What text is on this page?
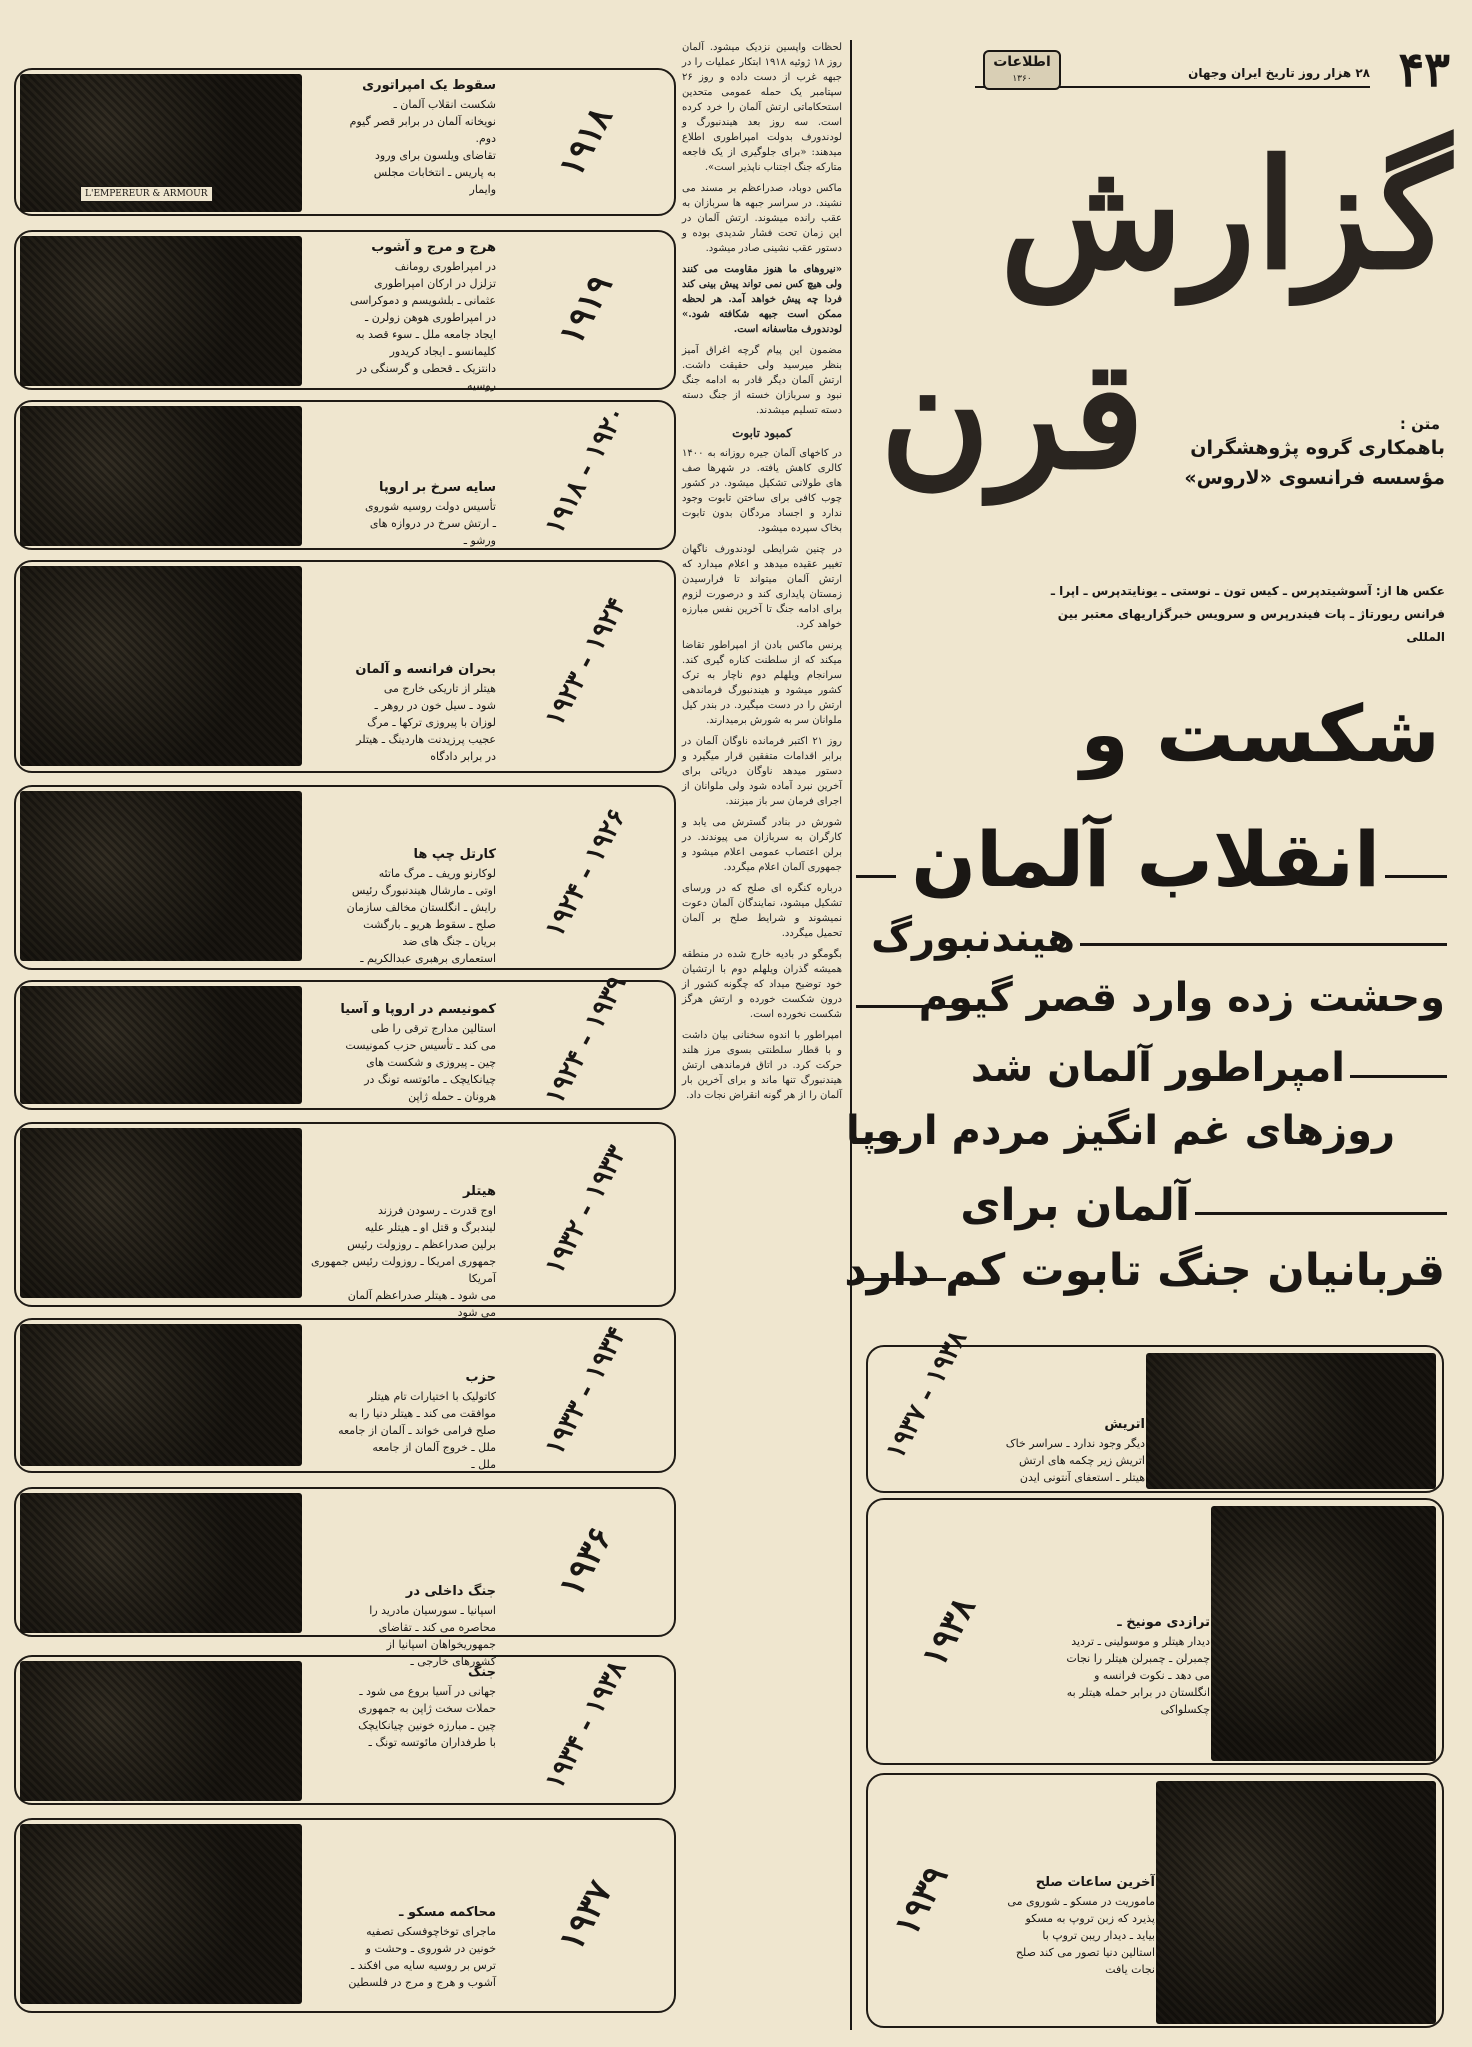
اطلاعات
۱۳۶۰	۲۸ هزار روز تاریخ ایران وجهان ۴۳
گزارش
قرن	متن :
باهمکاری گروه پژوهشگران
مؤسسه فرانسوی «لاروس»
عکس ها از: آسوشیتدپرس ـ کیس تون ـ نوستی ـ یونایتدپرس ـ اپرا ـ فرانس ریورتاژ ـ پات فیندرپرس و سرویس خبرگزاریهای معتبر بین المللی
شکست و
انقلاب آلمان
هیندنبورگ
وحشت زده وارد قصر گیوم
امپراطور آلمان شد
روزهای غم انگیز مردم اروپا
آلمان برای
قربانیان جنگ تابوت کم دارد
لحظات واپسین نزدیک میشود. آلمان روز ۱۸ ژوئیه ۱۹۱۸ ابتکار عملیات را در جبهه غرب از دست داده و روز ۲۶ سپتامبر یک حمله عمومی متحدین استحکاماتی ارتش آلمان را خرد کرده است. سه روز بعد هیندنبورگ و لودندورف بدولت امپراطوری اطلاع میدهند: «برای جلوگیری از یک فاجعه متارکه جنگ اجتناب ناپذیر است».
ماکس دوباد، صدراعظم بر مسند می نشیند. در سراسر جبهه ها سربازان به عقب رانده میشوند. ارتش آلمان در این زمان تحت فشار شدیدی بوده و دستور عقب نشینی صادر میشود.
«نیروهای ما هنوز مقاومت می کنند ولی هیچ کس نمی تواند پیش بینی کند فردا چه پیش خواهد آمد. هر لحظه ممکن است جبهه شکافته شود.» لودندورف متاسفانه است.
مضمون این پیام گرچه اغراق آمیز بنظر میرسید ولی حقیقت داشت. ارتش آلمان دیگر قادر به ادامه جنگ نبود و سربازان خسته از جنگ دسته دسته تسلیم میشدند.
کمبود تابوت
در کاخهای آلمان جیره روزانه به ۱۴۰۰ کالری کاهش یافته. در شهرها صف های طولانی تشکیل میشود. در کشور چوب کافی برای ساختن تابوت وجود ندارد و اجساد مردگان بدون تابوت بخاک سپرده میشود.
در چنین شرایطی لودندورف ناگهان تغییر عقیده میدهد و اعلام میدارد که ارتش آلمان میتواند تا فرارسیدن زمستان پایداری کند و درصورت لزوم برای ادامه جنگ تا آخرین نفس مبارزه خواهد کرد.
پرنس ماکس بادن از امپراطور تقاضا میکند که از سلطنت کناره گیری کند. سرانجام ویلهلم دوم ناچار به ترک کشور میشود و هیندنبورگ فرماندهی ارتش را در دست میگیرد. در بندر کیل ملوانان سر به شورش برمیدارند.
روز ۲۱ اکتبر فرمانده ناوگان آلمان در برابر اقدامات متفقین قرار میگیرد و دستور میدهد ناوگان دریائی برای آخرین نبرد آماده شود ولی ملوانان از اجرای فرمان سر باز میزنند.
شورش در بنادر گسترش می یابد و کارگران به سربازان می پیوندند. در برلن اعتصاب عمومی اعلام میشود و جمهوری آلمان اعلام میگردد.
درباره کنگره ای صلح که در ورسای تشکیل میشود، نمایندگان آلمان دعوت نمیشوند و شرایط صلح بر آلمان تحمیل میگردد.
بگومگو در بادیه خارج شده در منطقه همیشه گذران ویلهلم دوم با ارتشیان خود توضیح میداد که چگونه کشور از درون شکست خورده و ارتش هرگز شکست نخورده است.
امپراطور با اندوه سخنانی بیان داشت و با قطار سلطنتی بسوی مرز هلند حرکت کرد. در اتاق فرماندهی ارتش هیندنبورگ تنها ماند و برای آخرین بار آلمان را از هر گونه انقراض نجات داد.
L'EMPEREUR & ARMOUR
سقوط یک امپراتوری
شکست انقلاب آلمان ـ
نویخانه آلمان در برابر قصر گیوم
دوم.
تقاضای ویلسون برای ورود
به پاریس ـ انتخابات مجلس
وایمار
۱۹۱۸
هرج و مرج و آشوب
در امپراطوری رومانف
تزلزل در ارکان امپراطوری
عثمانی ـ بلشویسم و دموکراسی
در امپراطوری هوهن زولرن ـ
ایجاد جامعه ملل ـ سوء قصد به
کلیمانسو ـ ایجاد کریدور
دانتزیک ـ قحطی و گرسنگی در
روسیه
۱۹۱۹
سایه سرخ بر اروپا
تأسیس دولت روسیه شوروی
ـ ارتش سرخ در دروازه های
ورشو ـ
۱۹۱۸ - ۱۹۲۰
بحران فرانسه و آلمان
هیتلر از تاریکی خارج می
شود ـ سیل خون در روهر ـ
لوزان با پیروزی ترکها ـ مرگ
عجیب پرزیدنت هاردینگ ـ هیتلر
در برابر دادگاه
۱۹۲۳ - ۱۹۲۴
کارتل چپ ها
لوکارنو وریف ـ مرگ ماتئه
اوتی ـ مارشال هیندنبورگ رئیس
رایش ـ انگلستان مخالف سازمان
صلح ـ سقوط هریو ـ بارگشت
بریان ـ جنگ های ضد
استعماری برهبری عبدالکریم ـ
۱۹۲۴ - ۱۹۲۶
کمونیسم در اروپا و آسیا
استالین مدارج ترقی را طی
می کند ـ تأسیس حزب کمونیست
چین ـ پیروزی و شکست های
چیانکایچک ـ مائوتسه تونگ در
هرونان ـ حمله ژاپن	۱۹۲۴ - ۱۹۳۹
هیتلر
اوج قدرت ـ رسودن فرزند
لیندبرگ و قتل او ـ هیتلر علیه
برلین صدراعظم ـ روزولت رئیس
جمهوری امریکا ـ روزولت رئیس جمهوری آمریکا
می شود ـ هیتلر صدراعظم آلمان
می شود
۱۹۳۲ - ۱۹۳۳
حزب
کاتولیک با اختیارات تام هیتلر
موافقت می کند ـ هیتلر دنیا را به
صلح فرامی خواند ـ آلمان از جامعه
ملل ـ خروج آلمان از جامعه
ملل ـ
۱۹۳۳ - ۱۹۳۴
جنگ داخلی در
اسپانیا ـ سورسیان مادرید را
محاصره می کند ـ تقاضای
جمهوریخواهان اسپانیا از
کشورهای خارجی ـ
۱۹۳۶
جنگ
جهانی در آسیا بروع می شود ـ
حملات سخت ژاپن به جمهوری
چین ـ مبارزه خونین چیانکایچک
با طرفداران مائوتسه تونگ ـ	۱۹۳۴ - ۱۹۳۸
محاکمه مسکو ـ
ماجرای توخاچوفسکی تصفیه
خونین در شوروی ـ وحشت و
ترس بر روسیه سایه می افکند ـ
آشوب و هرج و مرج در فلسطین
۱۹۳۷
اتریش
دیگر وجود ندارد ـ سراسر خاک
اتریش زیر چکمه های ارتش
هیتلر ـ استعفای آنتونی ایدن
۱۹۳۷ - ۱۹۳۸
ترازدی مونیخ ـ
دیدار هیتلر و موسولینی ـ تردید
چمبرلن ـ چمبرلن هیتلر را نجات
می دهد ـ نکوت فرانسه و
انگلستان در برابر حمله هیتلر به
چکسلواکی
۱۹۳۸
آخرین ساعات صلح
ماموریت در مسکو ـ شوروی می
پذیرد که زبن تروپ به مسکو
بیاید ـ دیدار ریبن تروپ با
استالین دنیا تصور می کند صلح
نجات یافت
۱۹۳۹
